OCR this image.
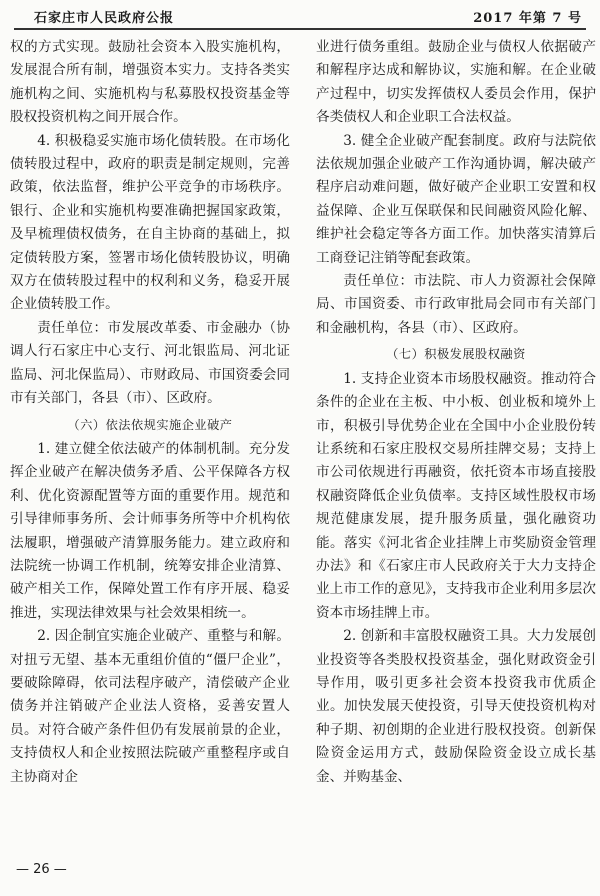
石家庄市人民政府公报	2017 年第 7 号

权的方式实现。鼓励社会资本入股实施机构，发展混合所有制，增强资本实力。支持各类实施机构之间、实施机构与私募股权投资基金等股权投资机构之间开展合作。

4. 积极稳妥实施市场化债转股。在市场化债转股过程中，政府的职责是制定规则，完善政策，依法监督，维护公平竞争的市场秩序。银行、企业和实施机构要准确把握国家政策，及早梳理债权债务，在自主协商的基础上，拟定债转股方案，签署市场化债转股协议，明确双方在债转股过程中的权利和义务，稳妥开展企业债转股工作。

责任单位：市发展改革委、市金融办（协调人行石家庄中心支行、河北银监局、河北证监局、河北保监局）、市财政局、市国资委会同市有关部门，各县（市）、区政府。

（六）依法依规实施企业破产

1. 建立健全依法破产的体制机制。充分发挥企业破产在解决债务矛盾、公平保障各方权利、优化资源配置等方面的重要作用。规范和引导律师事务所、会计师事务所等中介机构依法履职，增强破产清算服务能力。建立政府和法院统一协调工作机制，统筹安排企业清算、破产相关工作，保障处置工作有序开展、稳妥推进，实现法律效果与社会效果相统一。

2. 因企制宜实施企业破产、重整与和解。对扭亏无望、基本无重组价值的“僵尸企业”，要破除障碍，依司法程序破产，清偿破产企业债务并注销破产企业法人资格，妥善安置人员。对符合破产条件但仍有发展前景的企业，支持债权人和企业按照法院破产重整程序或自主协商对企

业进行债务重组。鼓励企业与债权人依据破产和解程序达成和解协议，实施和解。在企业破产过程中，切实发挥债权人委员会作用，保护各类债权人和企业职工合法权益。

3. 健全企业破产配套制度。政府与法院依法依规加强企业破产工作沟通协调，解决破产程序启动难问题，做好破产企业职工安置和权益保障、企业互保联保和民间融资风险化解、维护社会稳定等各方面工作。加快落实清算后工商登记注销等配套政策。

责任单位：市法院、市人力资源社会保障局、市国资委、市行政审批局会同市有关部门和金融机构，各县（市）、区政府。

（七）积极发展股权融资

1. 支持企业资本市场股权融资。推动符合条件的企业在主板、中小板、创业板和境外上市，积极引导优势企业在全国中小企业股份转让系统和石家庄股权交易所挂牌交易；支持上市公司依规进行再融资，依托资本市场直接股权融资降低企业负债率。支持区域性股权市场规范健康发展，提升服务质量，强化融资功能。落实《河北省企业挂牌上市奖励资金管理办法》和《石家庄市人民政府关于大力支持企业上市工作的意见》，支持我市企业利用多层次资本市场挂牌上市。

2. 创新和丰富股权融资工具。大力发展创业投资等各类股权投资基金，强化财政资金引导作用，吸引更多社会资本投资我市优质企业。加快发展天使投资，引导天使投资机构对种子期、初创期的企业进行股权投资。创新保险资金运用方式，鼓励保险资金设立成长基金、并购基金、

— 26 —
